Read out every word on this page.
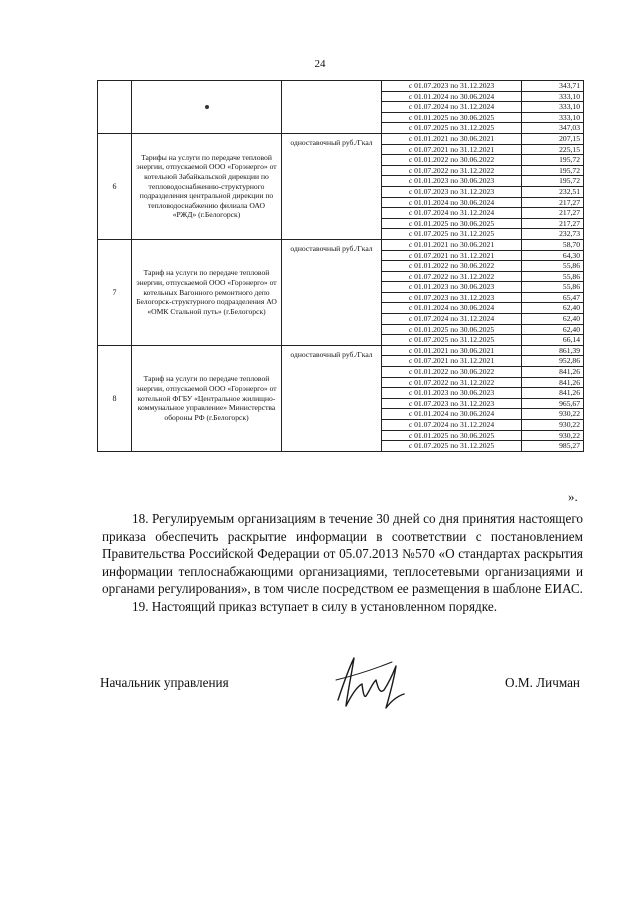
24
			с 01.07.2023 по 31.12.2023	343,71
			с 01.01.2024 по 30.06.2024	333,10
			с 01.07.2024 по 31.12.2024	333,10
			с 01.01.2025 по 30.06.2025	333,10
			с 01.07.2025 по 31.12.2025	347,03
6	Тарифы на услуги по передаче тепловой энергии, отпускаемой ООО «Горэнерго» от котельной Забайкальской дирекции по тепловодоснабжению-структурного подразделения центральной дирекции по тепловодоснабжению филиала ОАО «РЖД» (г.Белогорск)	одноставочный руб./Гкал	с 01.01.2021 по 30.06.2021	207,15
			с 01.07.2021 по 31.12.2021	225,15
			с 01.01.2022 по 30.06.2022	195,72
			с 01.07.2022 по 31.12.2022	195,72
			с 01.01.2023 по 30.06.2023	195,72
			с 01.07.2023 по 31.12.2023	232,51
			с 01.01.2024 по 30.06.2024	217,27
			с 01.07.2024 по 31.12.2024	217,27
			с 01.01.2025 по 30.06.2025	217,27
			с 01.07.2025 по 31.12.2025	232,73
7	Тариф на услуги по передаче тепловой энергии, отпускаемой ООО «Горэнерго» от котельных Вагонного ремонтного депо Белогорск-структурного подразделения АО «ОМК Стальной путь» (г.Белогорск)	одноставочный руб./Гкал	с 01.01.2021 по 30.06.2021	58,70
			с 01.07.2021 по 31.12.2021	64,30
			с 01.01.2022 по 30.06.2022	55,86
			с 01.07.2022 по 31.12.2022	55,86
			с 01.01.2023 по 30.06.2023	55,86
			с 01.07.2023 по 31.12.2023	65,47
			с 01.01.2024 по 30.06.2024	62,40
			с 01.07.2024 по 31.12.2024	62,40
			с 01.01.2025 по 30.06.2025	62,40
			с 01.07.2025 по 31.12.2025	66,14
8	Тариф на услуги по передаче тепловой энергии, отпускаемой ООО «Горэнерго» от котельной ФГБУ «Центральное жилищно-коммунальное управление» Министерства обороны РФ (г.Белогорск)	одноставочный руб./Гкал	с 01.01.2021 по 30.06.2021	861,39
			с 01.07.2021 по 31.12.2021	952,86
			с 01.01.2022 по 30.06.2022	841,26
			с 01.07.2022 по 31.12.2022	841,26
			с 01.01.2023 по 30.06.2023	841,26
			с 01.07.2023 по 31.12.2023	965,67
			с 01.01.2024 по 30.06.2024	930,22
			с 01.07.2024 по 31.12.2024	930,22
			с 01.01.2025 по 30.06.2025	930,22
			с 01.07.2025 по 31.12.2025	985,27
».

18. Регулируемым организациям в течение 30 дней со дня принятия настоящего приказа обеспечить раскрытие информации в соответствии с постановлением Правительства Российской Федерации от 05.07.2013 №570 «О стандартах раскрытия информации теплоснабжающими организациями, теплосетевыми организациями и органами регулирования», в том числе посредством ее размещения в шаблоне ЕИАС.

19. Настоящий приказ вступает в силу в установленном порядке.

Начальник управления	О.М. Личман
